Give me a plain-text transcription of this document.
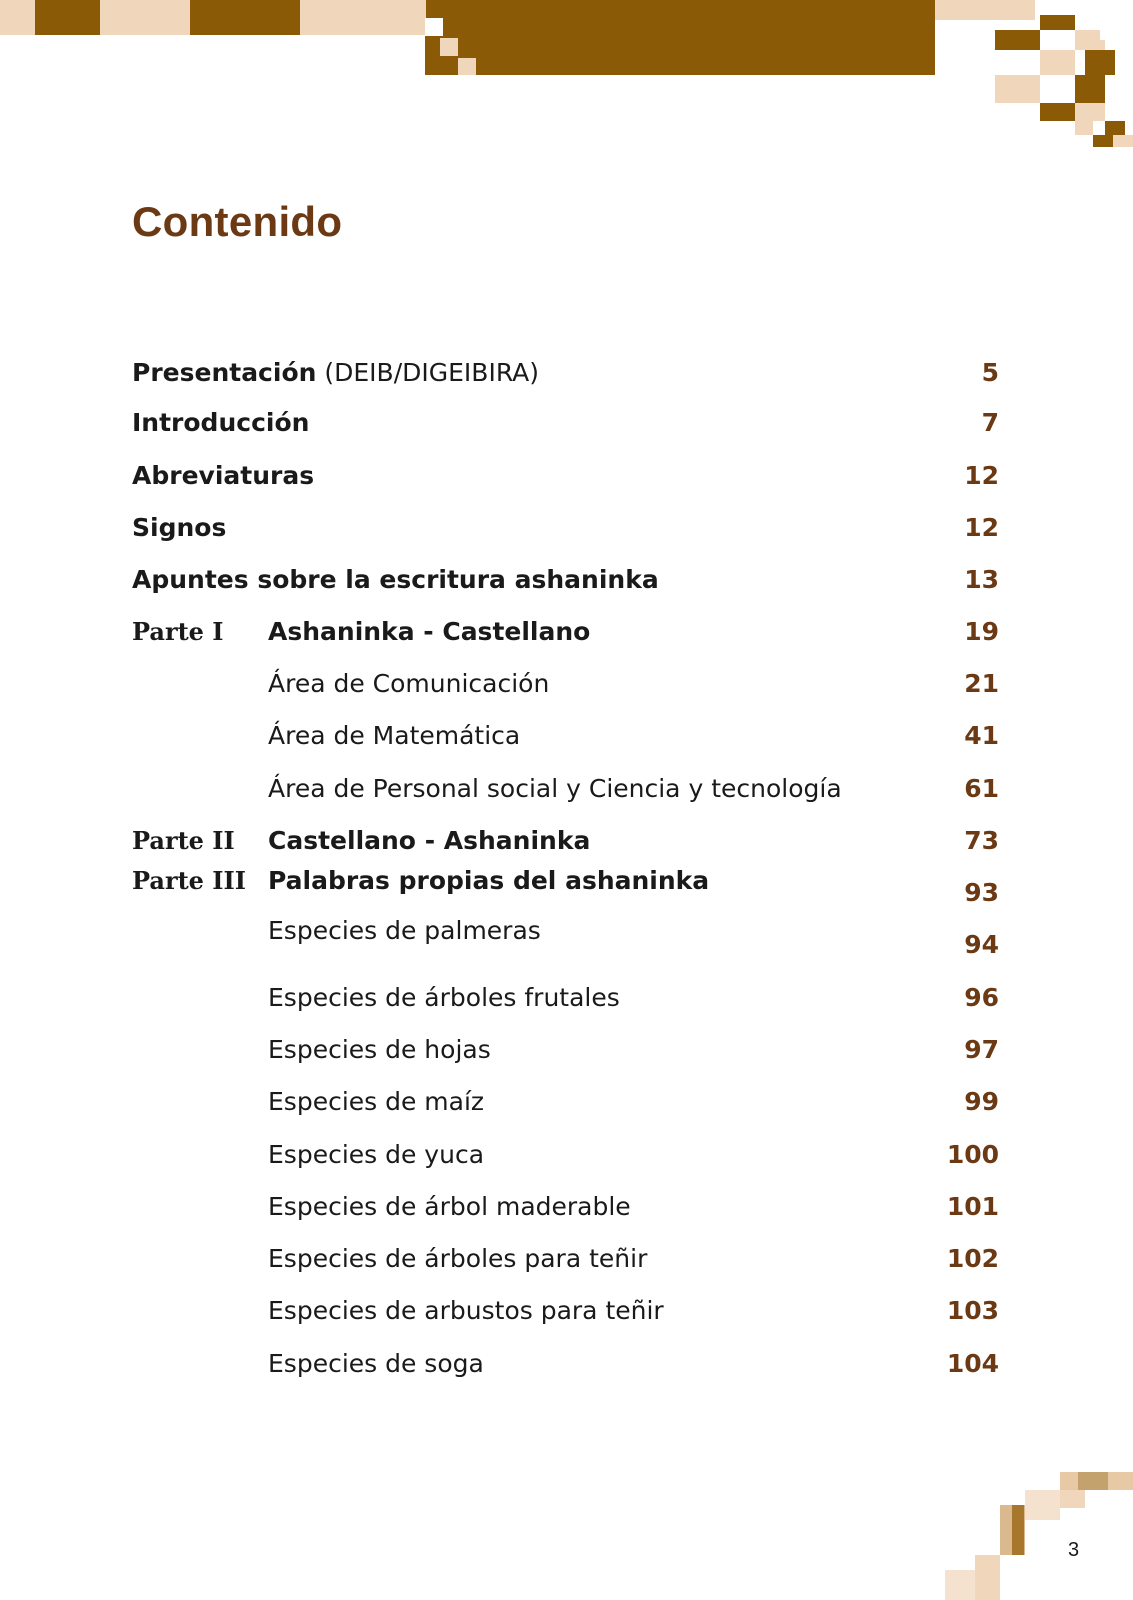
Contenido
Presentación (DEIB/DIGEIBIRA)	5
Introducción	7
Abreviaturas	12
Signos	12
Apuntes sobre la escritura ashaninka	13
Parte I Ashaninka - Castellano	19
Área de Comunicación	21
Área de Matemática	41
Área de Personal social y Ciencia y tecnología	61
Parte II Castellano - Ashaninka	73
Parte III Palabras propias del ashaninka	93
Especies de palmeras	94
Especies de árboles frutales	96
Especies de hojas	97
Especies de maíz	99
Especies de yuca	100
Especies de árbol maderable	101
Especies de árboles para teñir	102
Especies de arbustos para teñir	103
Especies de soga	104
3
